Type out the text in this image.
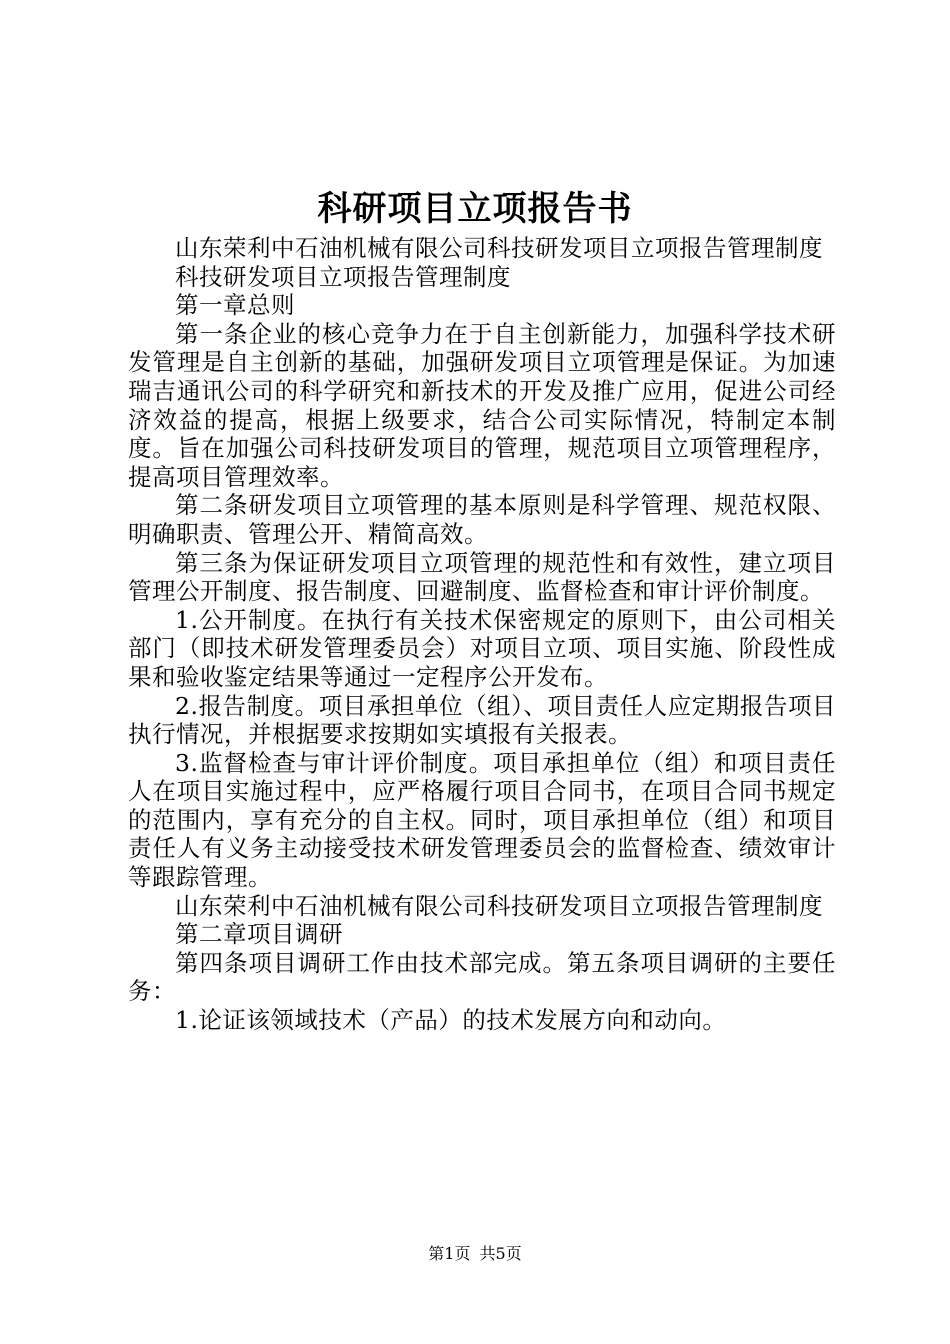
科研项目立项报告书

山东荣利中石油机械有限公司科技研发项目立项报告管理制度

科技研发项目立项报告管理制度

第一章总则

第一条企业的核心竞争力在于自主创新能力，加强科学技术研发管理是自主创新的基础，加强研发项目立项管理是保证。为加速瑞吉通讯公司的科学研究和新技术的开发及推广应用，促进公司经济效益的提高，根据上级要求，结合公司实际情况，特制定本制度。旨在加强公司科技研发项目的管理，规范项目立项管理程序，提高项目管理效率。

第二条研发项目立项管理的基本原则是科学管理、规范权限、明确职责、管理公开、精简高效。

第三条为保证研发项目立项管理的规范性和有效性，建立项目管理公开制度、报告制度、回避制度、监督检查和审计评价制度。

1.公开制度。在执行有关技术保密规定的原则下，由公司相关部门（即技术研发管理委员会）对项目立项、项目实施、阶段性成果和验收鉴定结果等通过一定程序公开发布。

2.报告制度。项目承担单位（组）、项目责任人应定期报告项目执行情况，并根据要求按期如实填报有关报表。

3.监督检查与审计评价制度。项目承担单位（组）和项目责任人在项目实施过程中，应严格履行项目合同书，在项目合同书规定的范围内，享有充分的自主权。同时，项目承担单位（组）和项目责任人有义务主动接受技术研发管理委员会的监督检查、绩效审计等跟踪管理。

山东荣利中石油机械有限公司科技研发项目立项报告管理制度

第二章项目调研

第四条项目调研工作由技术部完成。第五条项目调研的主要任务：

1.论证该领域技术（产品）的技术发展方向和动向。

第1页 共5页
